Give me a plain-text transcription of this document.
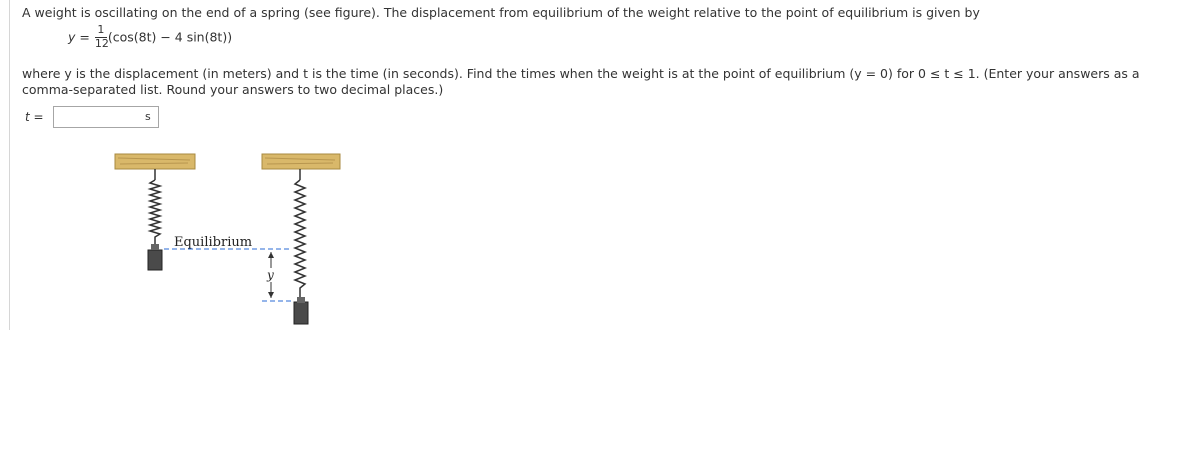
A weight is oscillating on the end of a spring (see figure). The displacement from equilibrium of the weight relative to the point of equilibrium is given by
$y = \frac{1}{12} (\cos(8t) - 4$ sin(8t))
where y is the displacement (in meters) and t is the time (in seconds). Find the times when the weight is at the point of equilibrium (y = 0) for 0 ≤ t ≤ 1. (Enter your answers as a
comma-separated list. Round your answers to two decimal places.)
t =	s
Equilibrium
y
